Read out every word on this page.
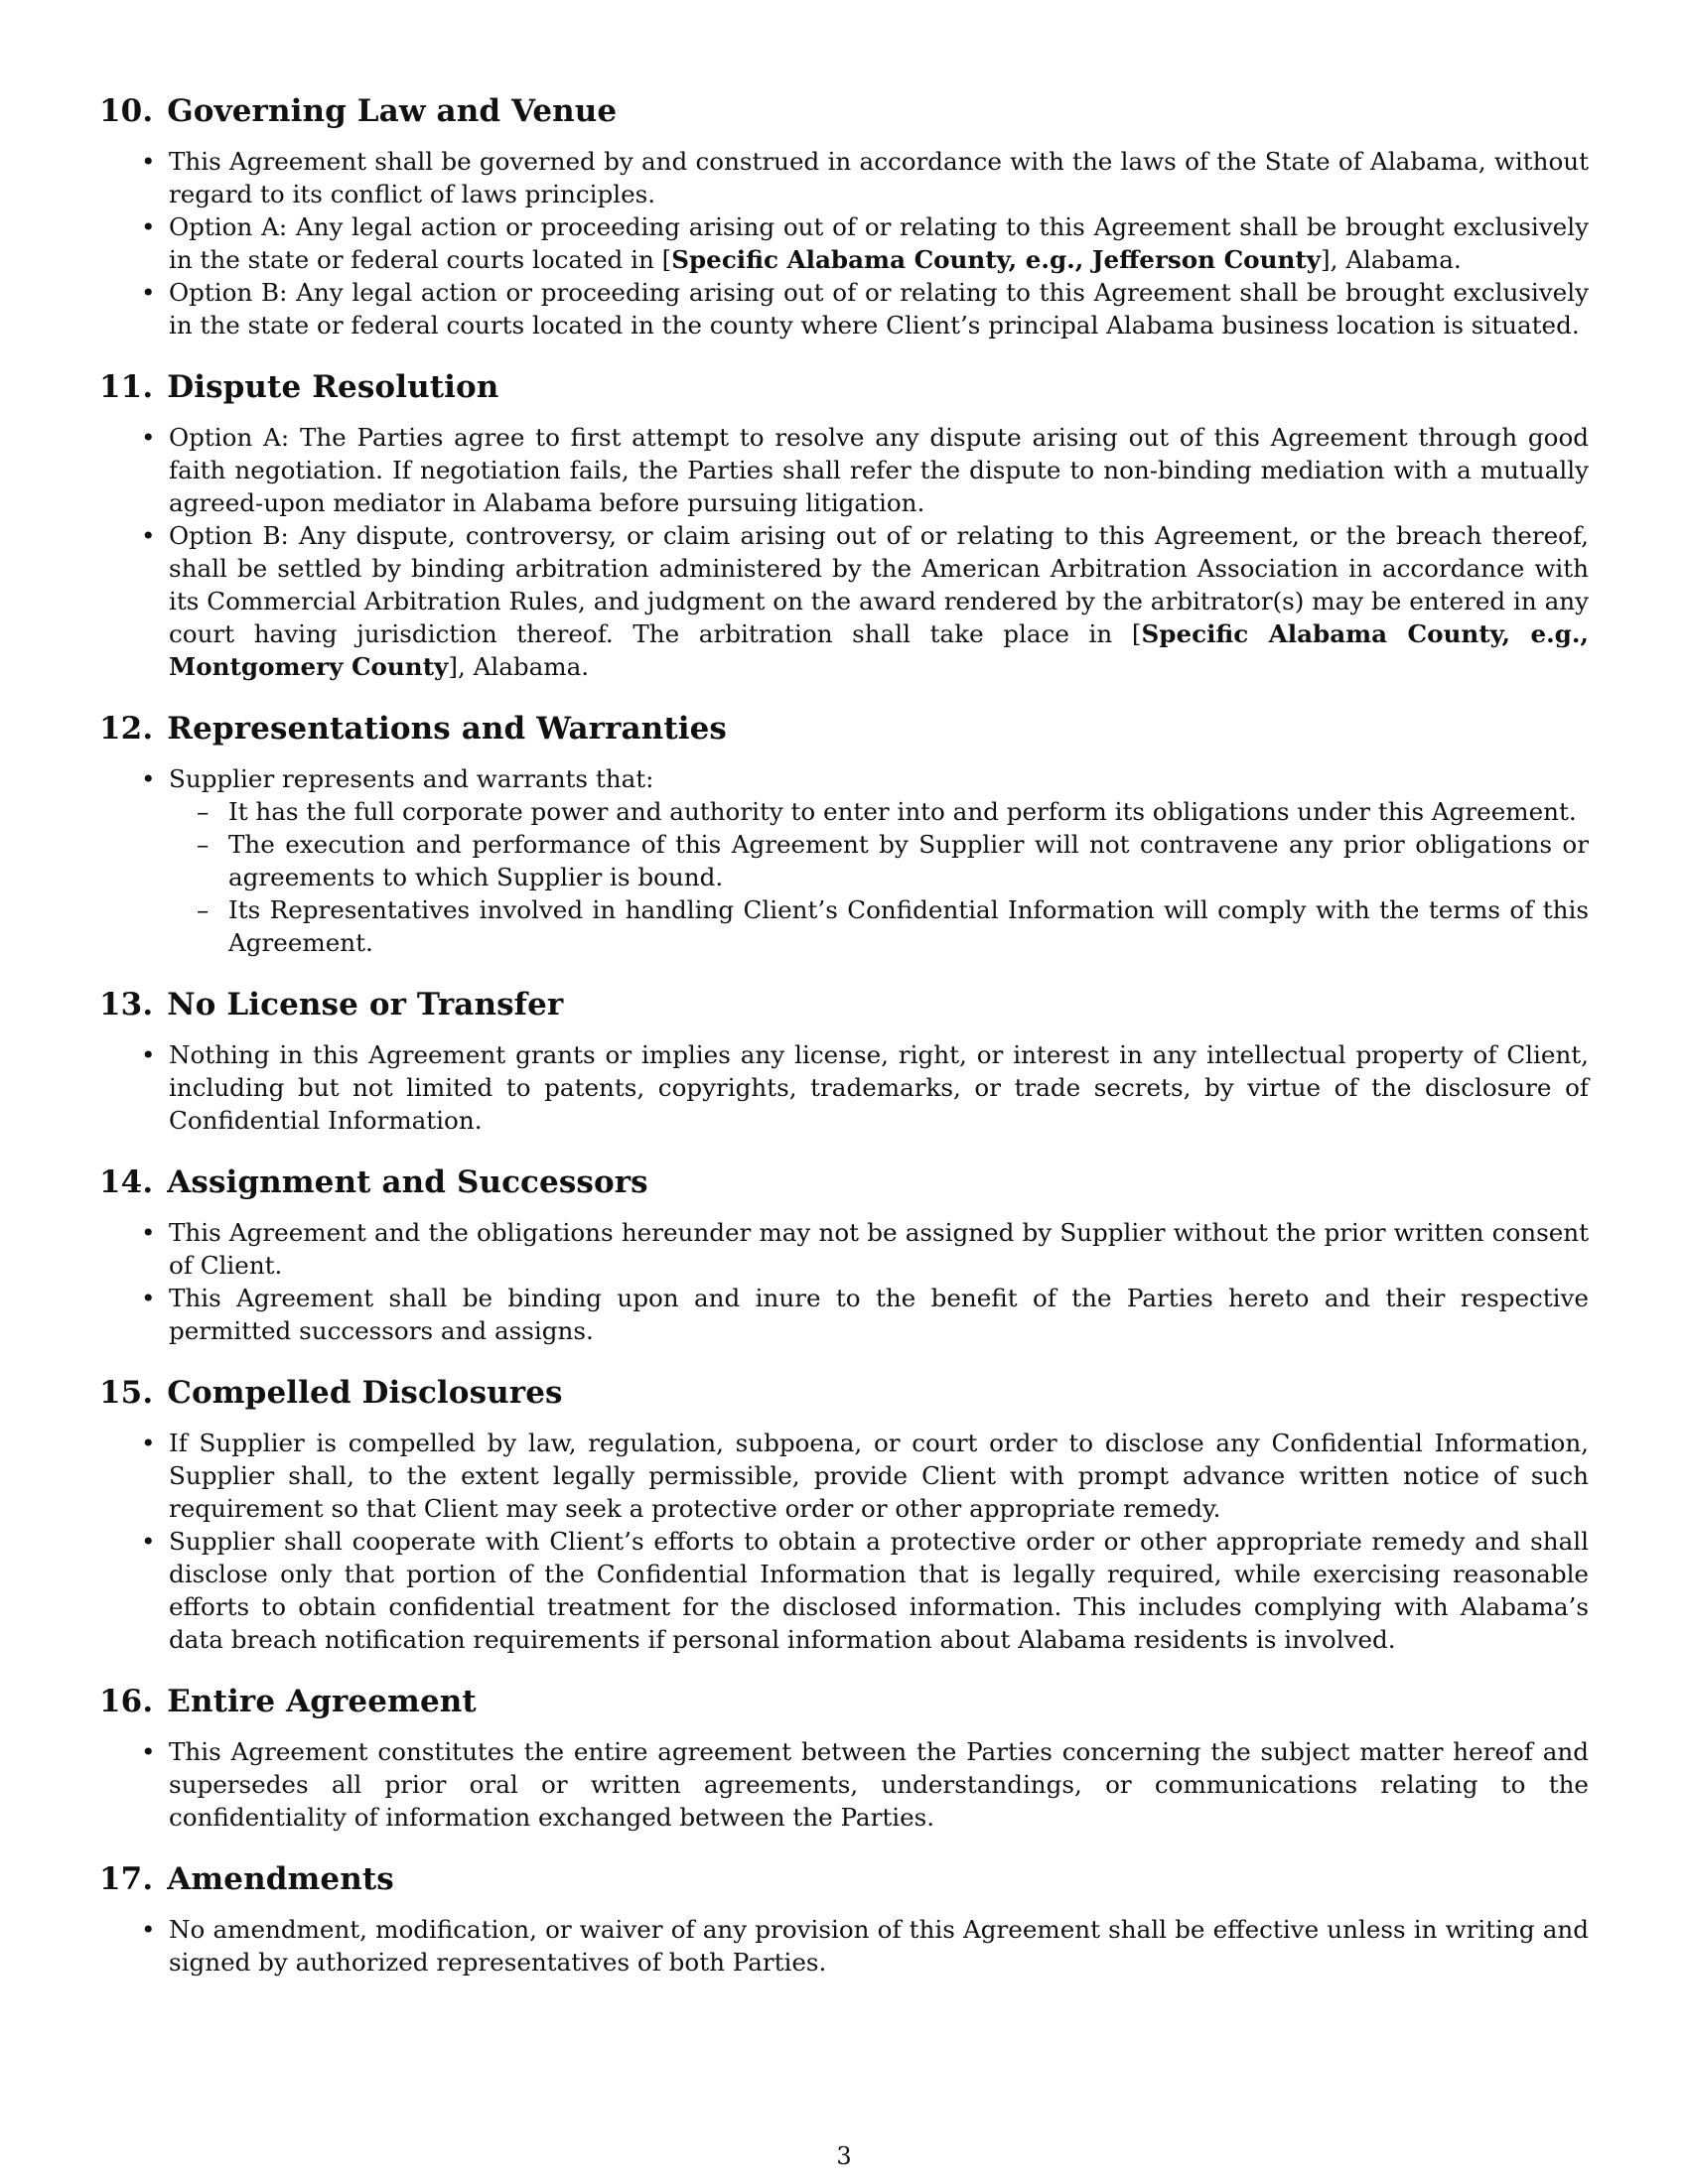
10. Governing Law and Venue
• This Agreement shall be governed by and construed in accordance with the laws of the State of Alabama, without regard to its conflict of laws principles.
• Option A: Any legal action or proceeding arising out of or relating to this Agreement shall be brought exclusively in the state or federal courts located in [Specific Alabama County, e.g., Jefferson County], Alabama.
• Option B: Any legal action or proceeding arising out of or relating to this Agreement shall be brought exclusively in the state or federal courts located in the county where Client’s principal Alabama business location is situated.
11. Dispute Resolution
• Option A: The Parties agree to first attempt to resolve any dispute arising out of this Agreement through good faith negotiation. If negotiation fails, the Parties shall refer the dispute to non-binding mediation with a mutually agreed-upon mediator in Alabama before pursuing litigation.
• Option B: Any dispute, controversy, or claim arising out of or relating to this Agreement, or the breach thereof, shall be settled by binding arbitration administered by the American Arbitration Association in accordance with its Commercial Arbitration Rules, and judgment on the award rendered by the arbitrator(s) may be entered in any court having jurisdiction thereof. The arbitration shall take place in [Specific Alabama County, e.g., Montgomery County], Alabama.
12. Representations and Warranties
• Supplier represents and warrants that:
– It has the full corporate power and authority to enter into and perform its obligations under this Agreement.
– The execution and performance of this Agreement by Supplier will not contravene any prior obligations or agreements to which Supplier is bound.
– Its Representatives involved in handling Client’s Confidential Information will comply with the terms of this Agreement.
13. No License or Transfer
• Nothing in this Agreement grants or implies any license, right, or interest in any intellectual property of Client, including but not limited to patents, copyrights, trademarks, or trade secrets, by virtue of the disclosure of Confidential Information.
14. Assignment and Successors
• This Agreement and the obligations hereunder may not be assigned by Supplier without the prior written consent of Client.
• This Agreement shall be binding upon and inure to the benefit of the Parties hereto and their respective permitted successors and assigns.
15. Compelled Disclosures
• If Supplier is compelled by law, regulation, subpoena, or court order to disclose any Confidential Information, Supplier shall, to the extent legally permissible, provide Client with prompt advance written notice of such requirement so that Client may seek a protective order or other appropriate remedy.
• Supplier shall cooperate with Client’s efforts to obtain a protective order or other appropriate remedy and shall disclose only that portion of the Confidential Information that is legally required, while exercising reasonable efforts to obtain confidential treatment for the disclosed information. This includes complying with Alabama’s data breach notification requirements if personal information about Alabama residents is involved.
16. Entire Agreement
• This Agreement constitutes the entire agreement between the Parties concerning the subject matter hereof and supersedes all prior oral or written agreements, understandings, or communications relating to the confidentiality of information exchanged between the Parties.
17. Amendments
• No amendment, modification, or waiver of any provision of this Agreement shall be effective unless in writing and signed by authorized representatives of both Parties.
3
